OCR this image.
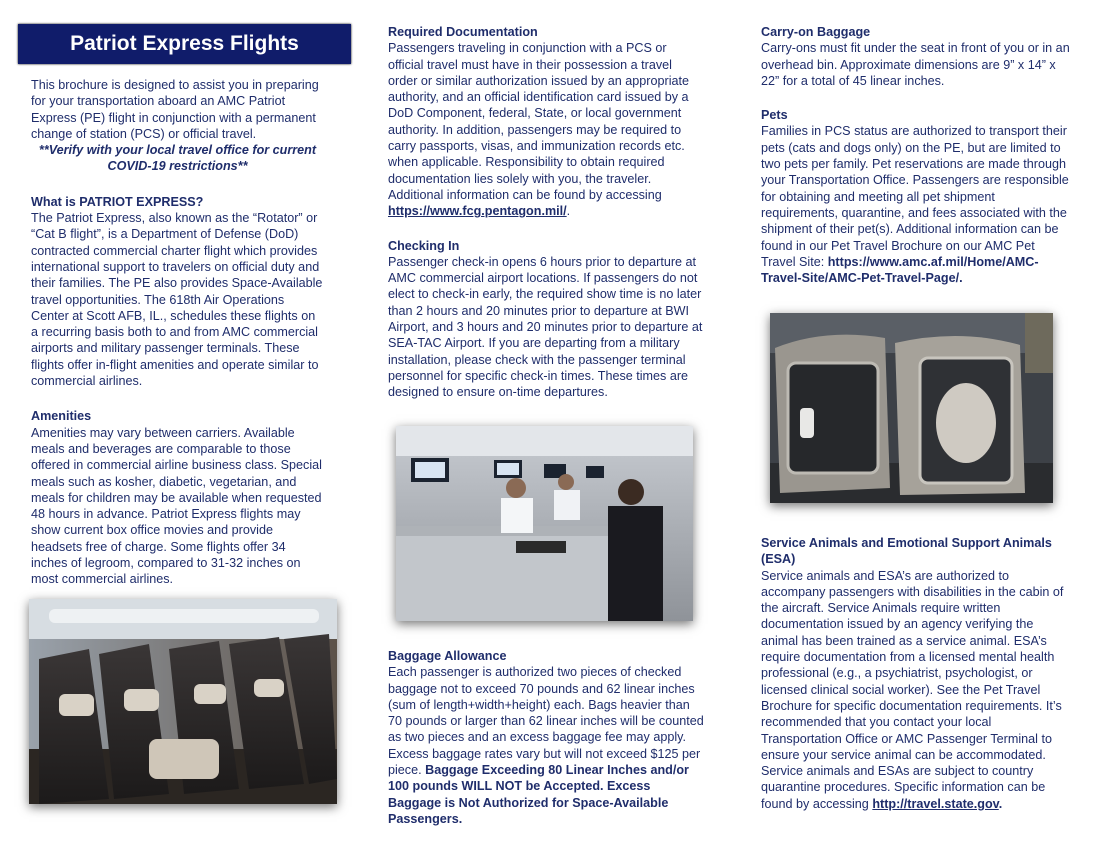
Patriot Express Flights

This brochure is designed to assist you in preparing for your transportation aboard an AMC Patriot Express (PE) flight in conjunction with a permanent change of station (PCS) or official travel.

**Verify with your local travel office for current COVID-19 restrictions**

What is PATRIOT EXPRESS?

The Patriot Express, also known as the “Rotator” or “Cat B flight”, is a Department of Defense (DoD) contracted commercial charter flight which provides international support to travelers on official duty and their families. The PE also provides Space-Available travel opportunities. The 618th Air Operations Center at Scott AFB, IL., schedules these flights on a recurring basis both to and from AMC commercial airports and military passenger terminals. These flights offer in-flight amenities and operate similar to commercial airlines.

Amenities

Amenities may vary between carriers. Available meals and beverages are comparable to those offered in commercial airline business class. Special meals such as kosher, diabetic, vegetarian, and meals for children may be available when requested 48 hours in advance. Patriot Express flights may show current box office movies and provide headsets free of charge. Some flights offer 34 inches of legroom, compared to 31-32 inches on most commercial airlines.

Required Documentation

Passengers traveling in conjunction with a PCS or official travel must have in their possession a travel order or similar authorization issued by an appropriate authority, and an official identification card issued by a DoD Component, federal, State, or local government authority. In addition, passengers may be required to carry passports, visas, and immunization records etc. when applicable. Responsibility to obtain required documentation lies solely with you, the traveler. Additional information can be found by accessing https://www.fcg.pentagon.mil/.

Checking In

Passenger check-in opens 6 hours prior to departure at AMC commercial airport locations. If passengers do not elect to check-in early, the required show time is no later than 2 hours and 20 minutes prior to departure at BWI Airport, and 3 hours and 20 minutes prior to departure at SEA-TAC Airport. If you are departing from a military installation, please check with the passenger terminal personnel for specific check-in times. These times are designed to ensure on-time departures.

Baggage Allowance

Each passenger is authorized two pieces of checked baggage not to exceed 70 pounds and 62 linear inches (sum of length+width+height) each. Bags heavier than 70 pounds or larger than 62 linear inches will be counted as two pieces and an excess baggage fee may apply. Excess baggage rates vary but will not exceed $125 per piece. Baggage Exceeding 80 Linear Inches and/or 100 pounds WILL NOT be Accepted. Excess Baggage is Not Authorized for Space-Available Passengers.

Carry-on Baggage

Carry-ons must fit under the seat in front of you or in an overhead bin. Approximate dimensions are 9” x 14” x 22” for a total of 45 linear inches.

Pets

Families in PCS status are authorized to transport their pets (cats and dogs only) on the PE, but are limited to two pets per family. Pet reservations are made through your Transportation Office. Passengers are responsible for obtaining and meeting all pet shipment requirements, quarantine, and fees associated with the shipment of their pet(s). Additional information can be found in our Pet Travel Brochure on our AMC Pet Travel Site: https://www.amc.af.mil/Home/AMC-Travel-Site/AMC-Pet-Travel-Page/.

Service Animals and Emotional Support Animals (ESA)

Service animals and ESA’s are authorized to accompany passengers with disabilities in the cabin of the aircraft. Service Animals require written documentation issued by an agency verifying the animal has been trained as a service animal. ESA’s require documentation from a licensed mental health professional (e.g., a psychiatrist, psychologist, or licensed clinical social worker). See the Pet Travel Brochure for specific documentation requirements. It’s recommended that you contact your local Transportation Office or AMC Passenger Terminal to ensure your service animal can be accommodated. Service animals and ESAs are subject to country quarantine procedures. Specific information can be found by accessing http://travel.state.gov.
